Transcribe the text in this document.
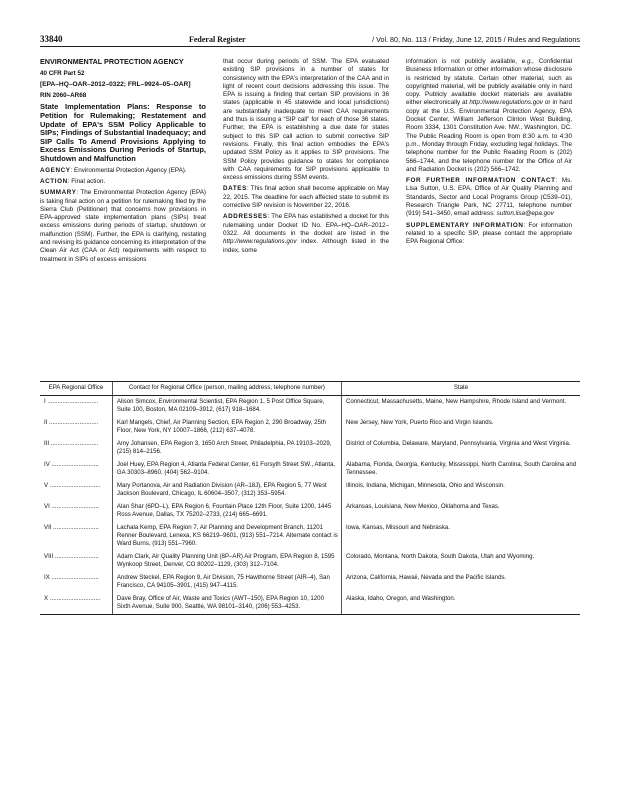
33840	Federal Register	/ Vol. 80, No. 113 / Friday, June 12, 2015 / Rules and Regulations

ENVIRONMENTAL PROTECTION AGENCY

40 CFR Part 52

[EPA–HQ–OAR–2012–0322; FRL–9924–05–OAR]

RIN 2060–AR68

State Implementation Plans: Response to Petition for Rulemaking; Restatement and Update of EPA's SSM Policy Applicable to SIPs; Findings of Substantial Inadequacy; and SIP Calls To Amend Provisions Applying to Excess Emissions During Periods of Startup, Shutdown and Malfunction

AGENCY: Environmental Protection Agency (EPA).

ACTION: Final action.

SUMMARY: The Environmental Protection Agency (EPA) is taking final action on a petition for rulemaking filed by the Sierra Club (Petitioner) that concerns how provisions in EPA-approved state implementation plans (SIPs) treat excess emissions during periods of startup, shutdown or malfunction (SSM). Further, the EPA is clarifying, restating and revising its guidance concerning its interpretation of the Clean Air Act (CAA or Act) requirements with respect to treatment in SIPs of excess emissions

that occur during periods of SSM. The EPA evaluated existing SIP provisions in a number of states for consistency with the EPA's interpretation of the CAA and in light of recent court decisions addressing this issue. The EPA is issuing a finding that certain SIP provisions in 36 states (applicable in 45 statewide and local jurisdictions) are substantially inadequate to meet CAA requirements and thus is issuing a “SIP call” for each of those 36 states. Further, the EPA is establishing a due date for states subject to this SIP call action to submit corrective SIP revisions. Finally, this final action embodies the EPA's updated SSM Policy as it applies to SIP provisions. The SSM Policy provides guidance to states for compliance with CAA requirements for SIP provisions applicable to excess emissions during SSM events.

DATES: This final action shall become applicable on May 22, 2015. The deadline for each affected state to submit its corrective SIP revision is November 22, 2016.

ADDRESSES: The EPA has established a docket for this rulemaking under Docket ID No. EPA–HQ–OAR–2012–0322. All documents in the docket are listed in the http://www.regulations.gov index. Although listed in the index, some

information is not publicly available, e.g., Confidential Business Information or other information whose disclosure is restricted by statute. Certain other material, such as copyrighted material, will be publicly available only in hard copy. Publicly available docket materials are available either electronically at http://www.regulations.gov or in hard copy at the U.S. Environmental Protection Agency, EPA Docket Center, William Jefferson Clinton West Building, Room 3334, 1301 Constitution Ave. NW., Washington, DC. The Public Reading Room is open from 8:30 a.m. to 4:30 p.m., Monday through Friday, excluding legal holidays. The telephone number for the Public Reading Room is (202) 566–1744, and the telephone number for the Office of Air and Radiation Docket is (202) 566–1742.

FOR FURTHER INFORMATION CONTACT: Ms. Lisa Sutton, U.S. EPA, Office of Air Quality Planning and Standards, Sector and Local Programs Group (C539–01), Research Triangle Park, NC 27711, telephone number (919) 541–3450, email address: sutton.lisa@epa.gov

SUPPLEMENTARY INFORMATION: For information related to a specific SIP, please contact the appropriate EPA Regional Office:

EPA Regional Office	Contact for Regional Office (person, mailing address, telephone number)	State
I ..............................	Alison Simcox, Environmental Scientist, EPA Region 1, 5 Post Office Square, Suite 100, Boston, MA 02109–3912, (617) 918–1684.	Connecticut, Massachusetts, Maine, New Hampshire, Rhode Island and Vermont.
II .............................	Karl Mangels, Chief, Air Planning Section, EPA Region 2, 290 Broadway, 25th Floor, New York, NY 10007–1866, (212) 637–4078.	New Jersey, New York, Puerto Rico and Virgin Islands.
III ............................	Amy Johansen, EPA Region 3, 1650 Arch Street, Philadelphia, PA 19103–2029, (215) 814–2156.	District of Columbia, Delaware, Maryland, Pennsylvania, Virginia and West Virginia.
IV ............................	Joel Huey, EPA Region 4, Atlanta Federal Center, 61 Forsyth Street SW., Atlanta, GA 30303–8960, (404) 562–9104.	Alabama, Florida, Georgia, Kentucky, Mississippi, North Carolina, South Carolina and Tennessee.
V ..............................	Mary Portanova, Air and Radiation Division (AR–18J), EPA Region 5, 77 West Jackson Boulevard, Chicago, IL 60604–3507, (312) 353–5954.	Illinois, Indiana, Michigan, Minnesota, Ohio and Wisconsin.
VI ............................	Alan Shar (6PD–L), EPA Region 6, Fountain Place 12th Floor, Suite 1200, 1445 Ross Avenue, Dallas, TX 75202–2733, (214) 665–6691.	Arkansas, Louisiana, New Mexico, Oklahoma and Texas.
VII ...........................	Lachala Kemp, EPA Region 7, Air Planning and Development Branch, 11201 Renner Boulevard, Lenexa, KS 66219–9601, (913) 551–7214. Alternate contact is Ward Burns, (913) 551–7960.	Iowa, Kansas, Missouri and Nebraska.
VIII ..........................	Adam Clark, Air Quality Planning Unit (8P–AR) Air Program, EPA Region 8, 1595 Wynkoop Street, Denver, CO 80202–1129, (303) 312–7104.	Colorado, Montana, North Dakota, South Dakota, Utah and Wyoming.
IX ............................	Andrew Steckel, EPA Region 9, Air Division, 75 Hawthorne Street (AIR–4), San Francisco, CA 94105–3901, (415) 947–4115.	Arizona, California, Hawaii, Nevada and the Pacific Islands.
X ..............................	Dave Bray, Office of Air, Waste and Toxics (AWT–150), EPA Region 10, 1200 Sixth Avenue, Suite 900, Seattle, WA 98101–3140, (206) 553–4253.	Alaska, Idaho, Oregon, and Washington.
